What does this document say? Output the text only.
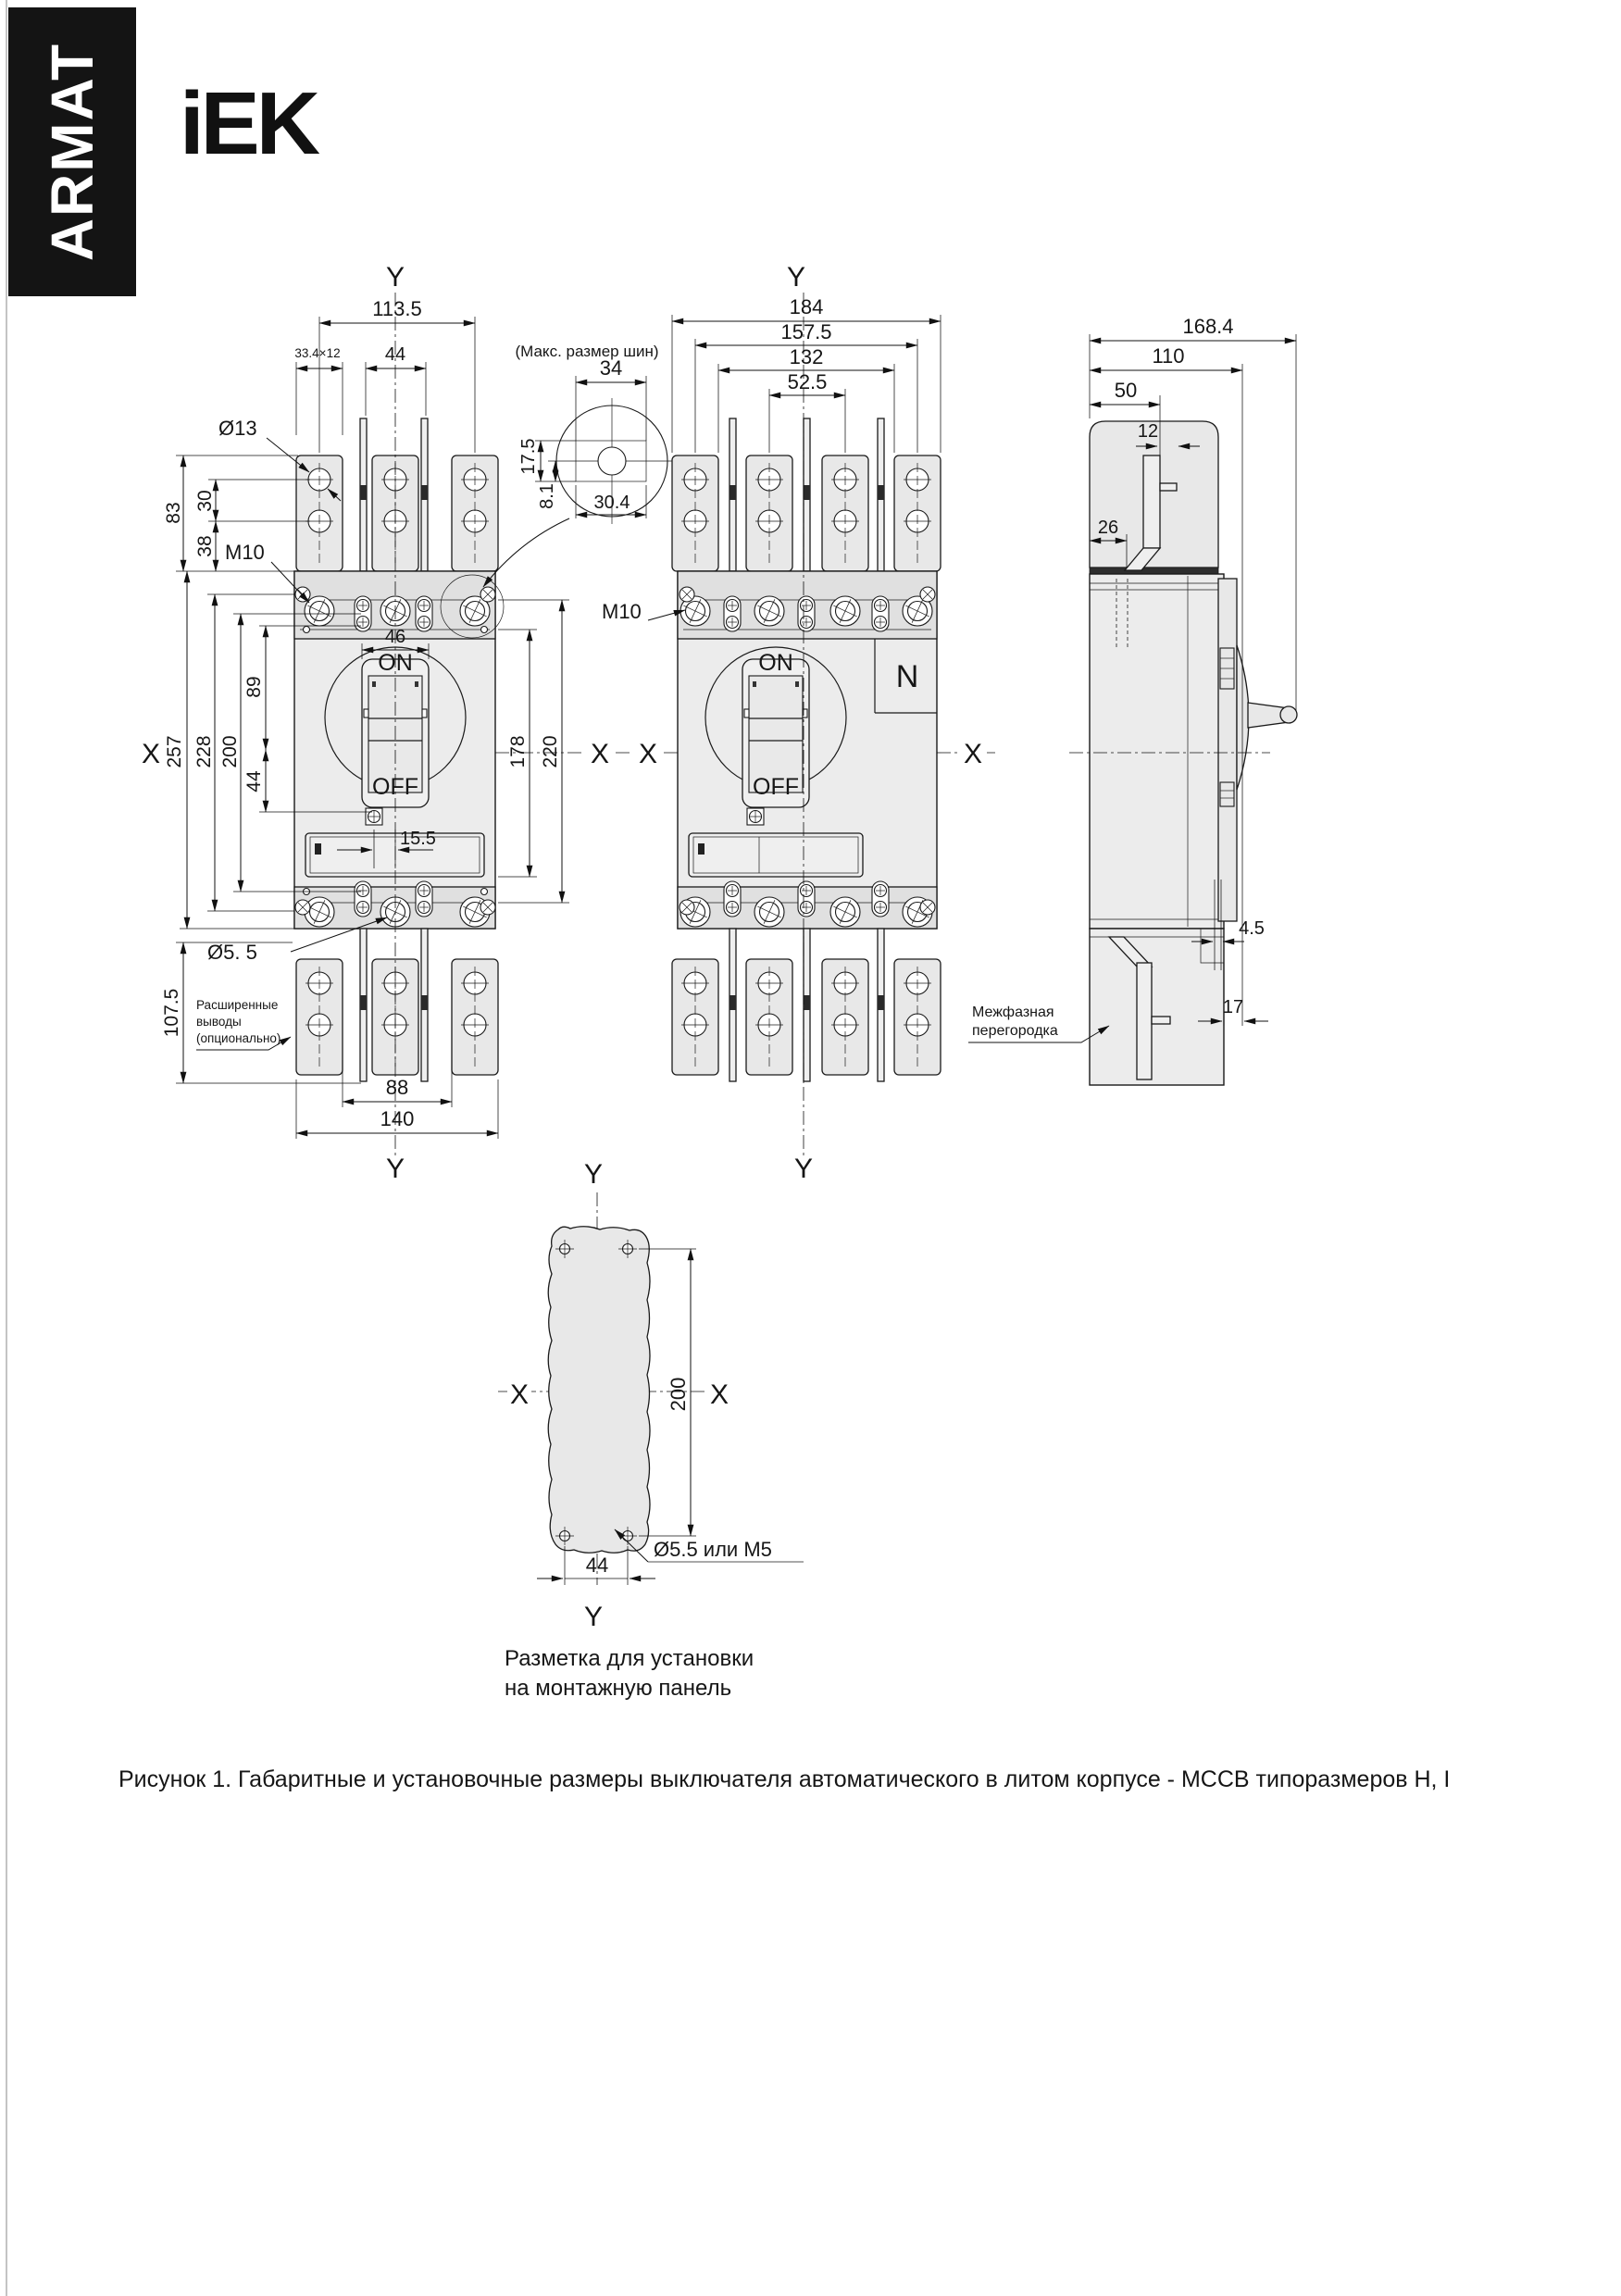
ARMAT iEK
ON
OFF
Y
113.5
44
33.4×12
Ø13
83
30
38 M10
X 257 228 200
89
44
46
15.5
Ø5. 5
107.5 Расширенные
выводы
(опционально)
88
140
Y
(Макс. размер шин)
34
17.5
8.1 30.4
N
ON
OFF
Y
184
157.5
132
52.5
M10
178 220
Y
X X	X
168.4
110
50
12
26
4.5
17
Межфазная
перегородка
Y
X	X
200
Ø5.5 или М5
44
Y
Разметка для установки
на монтажную панель
Рисунок 1. Габаритные и установочные размеры выключателя автоматического в литом корпусе - MCCB типоразмеров H, I
